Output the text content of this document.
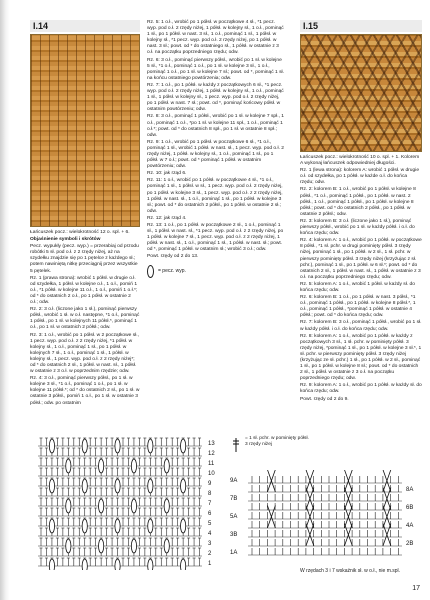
I.14

Łańcuszek pocz.: wielokrotność 12 o. spl. + 6.

Objaśnienie symboli i skrótów

Pecz. wypukły (pecz. wyp.) = przerabiaj od przodu robótki 5 sł. pod o.ł. z 2 rzędy niżej, aż na szydełku znajdzie się po 1 pętelce z każdego sł.; potem nawiniętą nitkę przeciągnij przez wszystkie 5 pętelek.

Rz. 1 (prawa strona): wrobić 1 półsł. w drugie o.ł. od szydełka, 1 półsł. w kolejne o.ł., 1 o.ł., pomiń 1 o.ł., *1 półsł. w kolejne 11 o.ł., 1 o.ł., pomiń 1 o.ł.*; od * do ostatnich 2 o.ł., po 1 półsł. w ostatnie 2 o.ł.; odw.

Rz. 2: 3 o.ł. (liczone jako 1 sł.), pominąć pierwszy półsł., wrobić 1 sł. w o.ł. następne, *1 o.ł., pominąć 1 półsł., po 1 sł. w kolejnych 11 półsł.*, pominąć 1 o.ł., po 1 sł. w ostatnich 2 półsł.; odw.

Rz. 3: 1 o.ł., wrobić po 1 półsł. w 2 początkowe sł., 1 pecz. wyp. pod o.ł. z 2 rzędy niżej, *1 półsł. w kolejny sł., 1 o.ł., pominąć 1 sł., po 1 półsł. w kolejnych 7 sł., 1 o.ł., pominąć 1 sł., 1 półsł. w kolejny sł., 1 pecz. wyp. pod o.ł. z 2 rzędy niżej*; od * do ostatnich 2 sł., 1 półsł. w nast. sł., 1 półsł. w ostatnie z 3 o.ł. w poprzednim rzędzie; odw.

Rz. 4: 3 o.ł., pominąć pierwszy półsł., po 1 sł. w kolejne 3 sł., *1 o.ł., pominąć 1 o.ł., po 1 sł. w kolejne 11 półsł.*; od * do ostatnich 2 sł., po 1 sł. w ostatnie 3 półsł., pomiń 1 o.ł., po 1 sł. w ostatnie 3 półsł.; odw. po ostatnim

Rz. 5: 1 o.ł., wrobić po 1 półsł. w początkowe 4 sł., *1 pecz. wyp. pod o.ł. 2 rzędy niżej, 1 półsł. w kolejny sł., 1 o.ł., pominąć 1 sł., po 1 półsł. w nast. 3 sł., 1 o.ł., pominąć 1 sł., 1 półsł. w kolejny sł., *1 pecz. wyp. pod o.ł. 2 rzędy niżej, po 1 półsł. w nast. 3 sł.; powt. od * do ostatniego sł., 1 półsł. w ostatnie z 3 o.ł. na początku poprzedniego rzędu; odw.

Rz. 6: 3 o.ł., pominąć pierwszy półsł., wrobić po 1 sł. w kolejne 5 sł., *1 o.ł., pominąć 1 o.ł., po 1 sł. w kolejne 3 sł., 1 o.ł., pominąć 1 o.ł., po 1 sł. w kolejne 7 sł.; powt. od *, pominąć 1 sł. na końcu ostatniego powtórzenia; odw.

Rz. 7: 1 o.ł., po 1 półsł. w każdy z początkowych 6 sł., *1 pecz. wyp. pod o.ł. 2 rzędy niżej, 1 półsł. w kolejny sł., 1 o.ł., pominąć 1 sł., 1 półsł. w kolejny sł., 1 pecz. wyp. pod o.ł. 2 rzędy niżej, po 1 półsł. w nast. 7 sł.; powt. od *, pominąć końcowy półsł. w ostatnim powtórzeniu; odw.

Rz. 8: 3 o.ł., pominąć 1 półsł., wrobić po 1 sł. w kolejne 7 spł., 1 o.ł., pominąć 1 o.ł., *po 1 sł. w kolejne 11 spł., 1 o.ł., pominąć 1 o.ł.*; powt. od * do ostatnich 8 spł., po 1 sł. w ostatnie 8 spł.; odw.

Rz. 9: 1 o.ł., wrobić po 1 półsł. w początkowe 6 sł., *1 o.ł., pominąć 1 sł., wrobić 1 półsł. w nast. sł., 1 pecz. wyp. pod o.ł. 2 rzędy niżej, 1 półsł. w kolejny sł., 1 o.ł., pominąć 1 sł., po 1 półsł. w 7 o.ł.; powt. od * pominąć 1 półsł. w ostatnim powtórzeniu; odw.

Rz. 10: jak rząd 6.

Rz. 11: 1 o.ł., wrobić po 1 półsł. w początkowe 4 sł., *1 o.ł., pominąć 1 sł., 1 półsł. w sł., 1 pecz. wyp. pod o.ł. 2 rzędy niżej, po 1 półsł. w kolejne 3 sł., 1 pecz. wyp. pod o.ł. z 2 rzędy niżej, 1 półsł. w nast. sł., 1 o.ł., pominąć 1 sł., po 1 półsł. w kolejne 3 sł.; powt. od * do ostatnich 2 półsł., po 1 półsł. w ostatnie 2 sł.; odw.

Rz. 12: jak rząd 4.

Rz. 13: 1 o.ł., po 1 półsł. w początkowe 2 sł., 1 o.ł., pominąć 1 sł., 1 półsł. w nast. sł., *1 pecz. wyp. pod o.ł. z 2 rzędy niżej, po 1 półsł. w kolejne 7 sł., 1 pecz. wyp. pod o.ł. z 2 rzędy niżej, 1 półsł. w nast. sł., 1 o.ł., pominąć 1 sł., 1 półsł. w nast. sł.; powt. od *, pominąć 1 półsł. w ostatnim sł.; wrobić 3 o.ł.; odw.

Powt. rzędy od 2 do 13.

= pecz. wyp.
I.15

Łańcuszek pocz.: wielokrotność 10 o. spl. + 1. Kolorem A wykonaj łańcuszek odpowiedniej długości.

Rz. 1 (lewa strona): kolorem A: wrobić 1 półsł. w drugie o.ł. od szydełka, po 1 półsł. w każde o.ł. do końca rzędu; odw.

Rz. 2: kolorem B: 1 o.ł., wrobić po 1 półsł. w kolejne 8 półsł., *1 o.ł., pominąć 1 półsł., po 1 półsł. w nast. 2 półsł., 1 o.ł., pominąć 1 półsł., po 1 półsł. w kolejne 8 półsł.; powt. od * do ostatnich 2 półsł., po 1 półsł. w ostatnie 2 półsł.; odw.

Rz. 3: kolorem B: 3 o.ł. (liczone jako 1 sł.), pominąć pierwszy półsł., wrobić po 1 sł. w każdy półsł. i o.ł. do końca rzędu; odw.

Rz. 4: kolorem A: 1 o.ł., wrobić po 1 półsł. w początkowe 8 półsł., *1 sł. pchr. w drugi pominięty półsł. 3 rzędy niżej, pominąć 1 sł., po 1 półsł. w 2 sł., 1 sł. pchr. w pierwszy pominięty półsł. 3 rzędy niżej (krzyżując z sł. pchr.), pominąć 1 sł., po 1 półsł. w 6 sł.*; powt. od * do ostatnich 2 sł., 1 półsł. w nast. sł., 1 półsł. w ostatnie z 3 o.ł. na początku poprzedniego rzędu; odw.

Rz. 5: kolorem A: 1 o.ł., wrobić 1 półsł. w każdy sł. do końca rzędu; odw.

Rz. 6: kolorem B: 1 o.ł., po 1 półsł. w nast. 3 półsł., *1 o.ł., pominąć 1 półsł., po 1 półsł. w kolejne 8 półsł.*, 1 o.ł., pominąć 1 półsł., *pominąć 1 półsł. w ostatnie 4 półsł.; powt. od * do końca rzędu; odw.

Rz. 7: kolorem B: 3 o.ł., pominąć 1 półsł., wrobić po 1 sł. w każdy półsł. i o.ł. do końca rzędu; odw.

Rz. 8: kolorem A: 1 o.ł., wrobić po 1 półsł. w każdy z początkowych 3 sł., 1 sł. pchr. w pominięty półsł. 3 rzędy niżej, *pominąć 1 sł., po 1 półsł. w kolejne 3 sł.*, 1 sł. pchr. w pierwszy pominięty półsł. 3 rzędy niżej (krzyżując ze sł. pchr.) 1 sł., po 1 półsł. w 2 sł., pominąć 1 sł., po 1 półsł. w kolejne 8 sł.; powt. od * do ostatnich 2 sł., 1 półsł. w ostatnie z 3 o.ł. na początku poprzedniego rzędu; odw.

Rz. 9: kolorem A: 1 o.ł., wrobić po 1 półsł. w każdy sł. do końca rzędu; odw.

Powt. rzędy od 2 do 9.

13
12
11
10
9
8
7
6
5
4
3
2
1
= 1 sł. pchr. w pominięty półsł. 3 rzędy niżej
9A
7B
5A
3B
1A
8A
6B
4A
2B
W rzędach 3 i 7 wskaźnik sł. w o.ł., nie m.spl.
17
